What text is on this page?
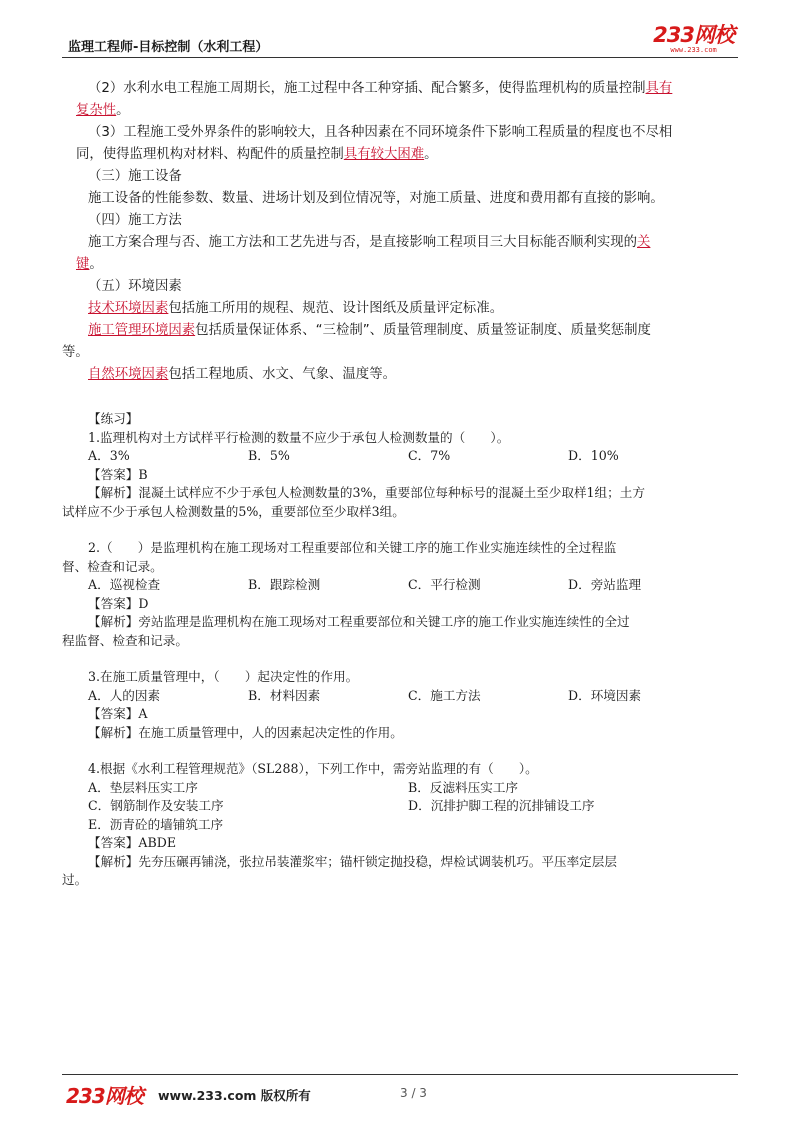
监理工程师-目标控制（水利工程）
233网校
www.233.com

（2）水利水电工程施工周期长，施工过程中各工种穿插、配合繁多，使得监理机构的质量控制具有

复杂性。

（3）工程施工受外界条件的影响较大，且各种因素在不同环境条件下影响工程质量的程度也不尽相

同，使得监理机构对材料、构配件的质量控制具有较大困难。

（三）施工设备

施工设备的性能参数、数量、进场计划及到位情况等，对施工质量、进度和费用都有直接的影响。

（四）施工方法

施工方案合理与否、施工方法和工艺先进与否，是直接影响工程项目三大目标能否顺利实现的关

键。

（五）环境因素

技术环境因素包括施工所用的规程、规范、设计图纸及质量评定标准。

施工管理环境因素包括质量保证体系、“三检制”、质量管理制度、质量签证制度、质量奖惩制度

等。

自然环境因素包括工程地质、水文、气象、温度等。

【练习】

1.监理机构对土方试样平行检测的数量不应少于承包人检测数量的（　　）。

A．3%	B．5%	C．7%	D．10%

【答案】B

【解析】混凝土试样应不少于承包人检测数量的3%，重要部位每种标号的混凝土至少取样1组；土方

试样应不少于承包人检测数量的5%，重要部位至少取样3组。

2.（　　）是监理机构在施工现场对工程重要部位和关键工序的施工作业实施连续性的全过程监

督、检查和记录。

A．巡视检查	B．跟踪检测	C．平行检测	D．旁站监理

【答案】D

【解析】旁站监理是监理机构在施工现场对工程重要部位和关键工序的施工作业实施连续性的全过

程监督、检查和记录。

3.在施工质量管理中，（　　）起决定性的作用。

A．人的因素	B．材料因素	C．施工方法	D．环境因素

【答案】A

【解析】在施工质量管理中，人的因素起决定性的作用。

4.根据《水利工程管理规范》（SL288），下列工作中，需旁站监理的有（　　）。

A．垫层料压实工序	B．反滤料压实工序
C．钢筋制作及安装工序	D．沉排护脚工程的沉排铺设工序

E．沥青砼的墙铺筑工序

【答案】ABDE

【解析】先夯压碾再铺浇，张拉吊装灌浆牢；锚杆锁定抛投稳，焊检试调装机巧。平压率定层层

过。

233网校 www.233.com 版权所有	3 / 3
